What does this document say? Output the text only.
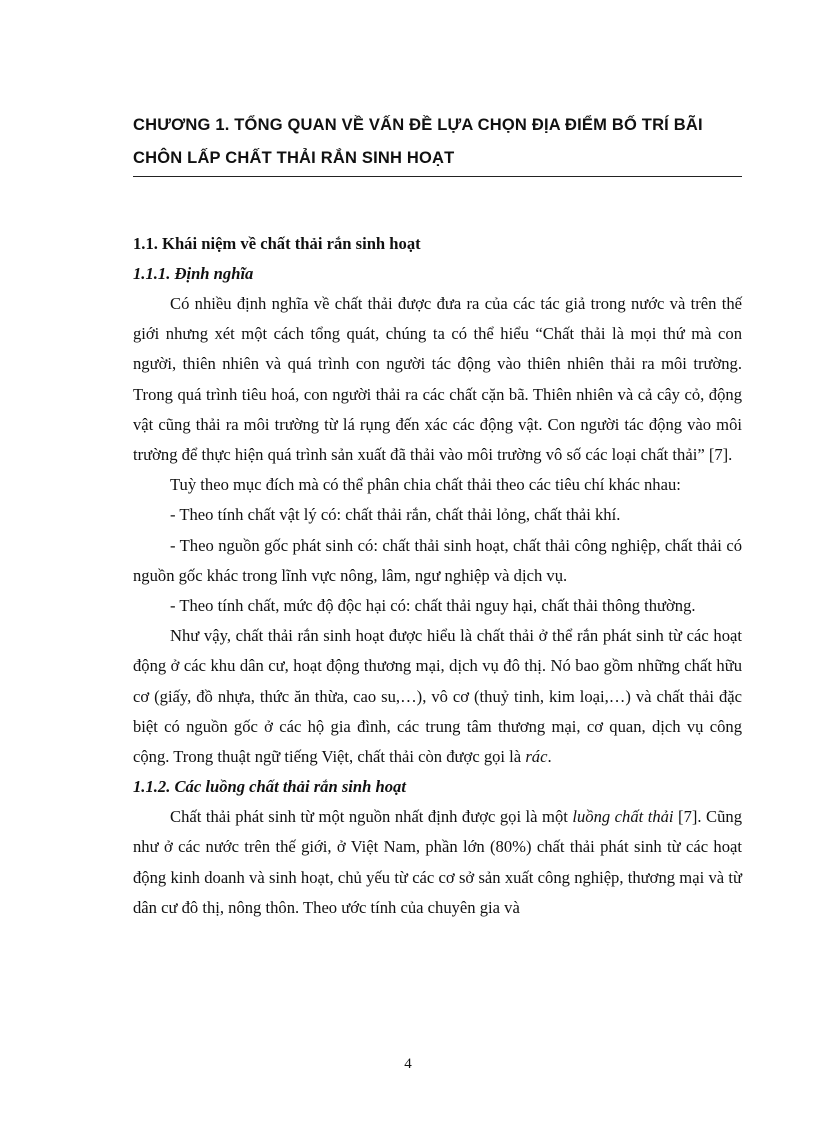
CHƯƠNG 1. TỔNG QUAN VỀ VẤN ĐỀ LỰA CHỌN ĐỊA ĐIỂM BỐ TRÍ BÃI CHÔN LẤP CHẤT THẢI RẮN SINH HOẠT

1.1. Khái niệm về chất thải rắn sinh hoạt

1.1.1. Định nghĩa

Có nhiều định nghĩa về chất thải được đưa ra của các tác giả trong nước và trên thế giới nhưng xét một cách tổng quát, chúng ta có thể hiểu “Chất thải là mọi thứ mà con người, thiên nhiên và quá trình con người tác động vào thiên nhiên thải ra môi trường. Trong quá trình tiêu hoá, con người thải ra các chất cặn bã. Thiên nhiên và cả cây cỏ, động vật cũng thải ra môi trường từ lá rụng đến xác các động vật. Con người tác động vào môi trường để thực hiện quá trình sản xuất đã thải vào môi trường vô số các loại chất thải” [7].

Tuỳ theo mục đích mà có thể phân chia chất thải theo các tiêu chí khác nhau:

- Theo tính chất vật lý có: chất thải rắn, chất thải lỏng, chất thải khí.

- Theo nguồn gốc phát sinh có: chất thải sinh hoạt, chất thải công nghiệp, chất thải có nguồn gốc khác trong lĩnh vực nông, lâm, ngư nghiệp và dịch vụ.

- Theo tính chất, mức độ độc hại có: chất thải nguy hại, chất thải thông thường.

Như vậy, chất thải rắn sinh hoạt được hiểu là chất thải ở thể rắn phát sinh từ các hoạt động ở các khu dân cư, hoạt động thương mại, dịch vụ đô thị. Nó bao gồm những chất hữu cơ (giấy, đồ nhựa, thức ăn thừa, cao su,…), vô cơ (thuỷ tinh, kim loại,…) và chất thải đặc biệt có nguồn gốc ở các hộ gia đình, các trung tâm thương mại, cơ quan, dịch vụ công cộng. Trong thuật ngữ tiếng Việt, chất thải còn được gọi là rác.

1.1.2. Các luồng chất thải rắn sinh hoạt

Chất thải phát sinh từ một nguồn nhất định được gọi là một luồng chất thải [7]. Cũng như ở các nước trên thế giới, ở Việt Nam, phần lớn (80%) chất thải phát sinh từ các hoạt động kinh doanh và sinh hoạt, chủ yếu từ các cơ sở sản xuất công nghiệp, thương mại và từ dân cư đô thị, nông thôn. Theo ước tính của chuyên gia và

4
